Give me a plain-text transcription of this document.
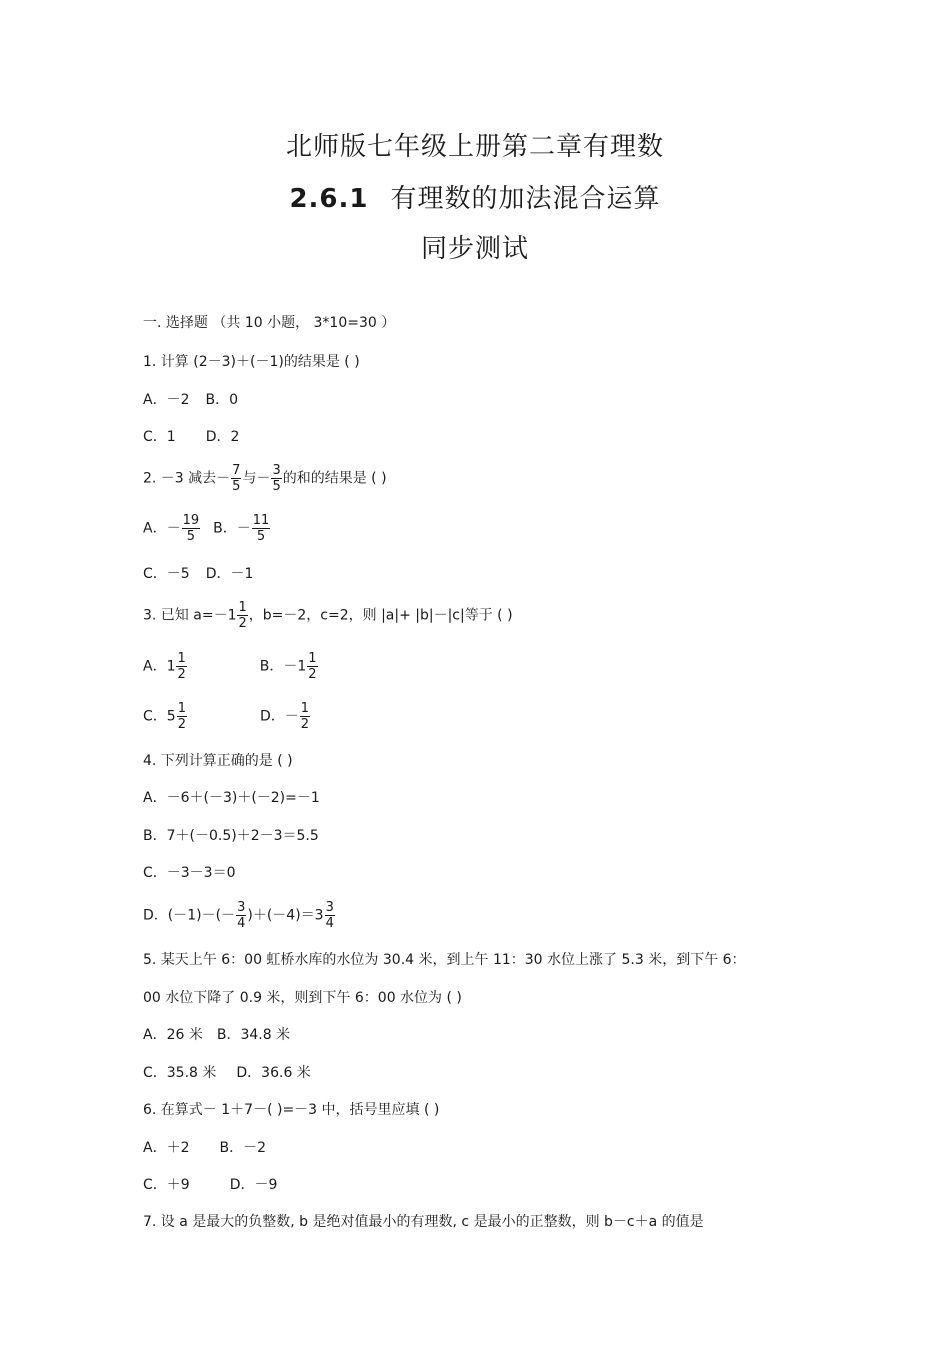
北师版七年级上册第二章有理数
2.6.1 有理数的加法混合运算
同步测试
一. 选择题 （共 10 小题， 3*10=30 ）
1. 计算 (2－3)＋(－1)的结果是 ( )
A．－2 B．0
C．1 D．2
2. －3 减去－ $\frac{7}{5}$ 与－ $\frac{3}{5}$ 的和的结果是 ( )
A．－ $\frac{19}{5}$ B．－ $\frac{11}{5}$
C．－5 D．－1
3. 已知 $a=-1 \frac{1}{2}$ ，b=－2，c=2，则 |a|+ |b|－|c|等于 ( )
A．$1 \frac{1}{2}$	B．$-1 \frac{1}{2}$
C．$5 \frac{1}{2}$	D．－ $\frac{1}{2}$
4. 下列计算正确的是 ( )
A．－6＋(－3)＋(－2)=－1
B．7＋(－0.5)＋2－3＝5.5
C．－3－3＝0
D．$(-1)-(- \frac{3}{4} )+(-4)=3 \frac{3}{4}$
5. 某天上午 6：00 虹桥水库的水位为 30.4 米，到上午 11：30 水位上涨了 5.3 米，到下午 6：
00 水位下降了 0.9 米，则到下午 6：00 水位为 ( )
A．26 米 B．34.8 米
C．35.8 米 D．36.6 米
6. 在算式－ 1＋7－( )=－3 中，括号里应填 ( )
A．＋2 B．－2
C．＋9	D．－9
7. 设 a 是最大的负整数, b 是绝对值最小的有理数, c 是最小的正整数，则 b－c＋a 的值是
